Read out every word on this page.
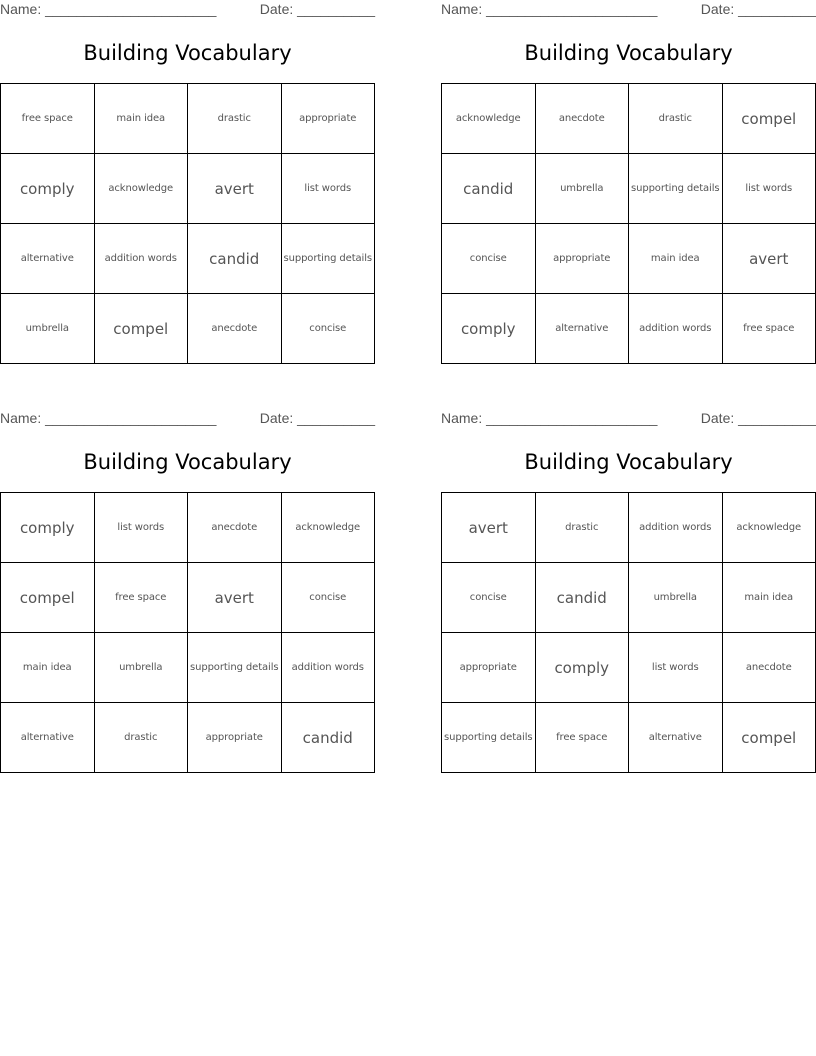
Name: ______________________	Date: __________
Building Vocabulary
free space	main idea	drastic	appropriate
comply	acknowledge	avert	list words
alternative	addition words	candid	supporting details
umbrella	compel	anecdote	concise
Name: ______________________	Date: __________
Building Vocabulary
acknowledge	anecdote	drastic	compel
candid	umbrella	supporting details	list words
concise	appropriate	main idea	avert
comply	alternative	addition words	free space
Name: ______________________	Date: __________
Building Vocabulary
comply	list words	anecdote	acknowledge
compel	free space	avert	concise
main idea	umbrella	supporting details	addition words
alternative	drastic	appropriate	candid
Name: ______________________	Date: __________
Building Vocabulary
avert	drastic	addition words	acknowledge
concise	candid	umbrella	main idea
appropriate	comply	list words	anecdote
supporting details	free space	alternative	compel
